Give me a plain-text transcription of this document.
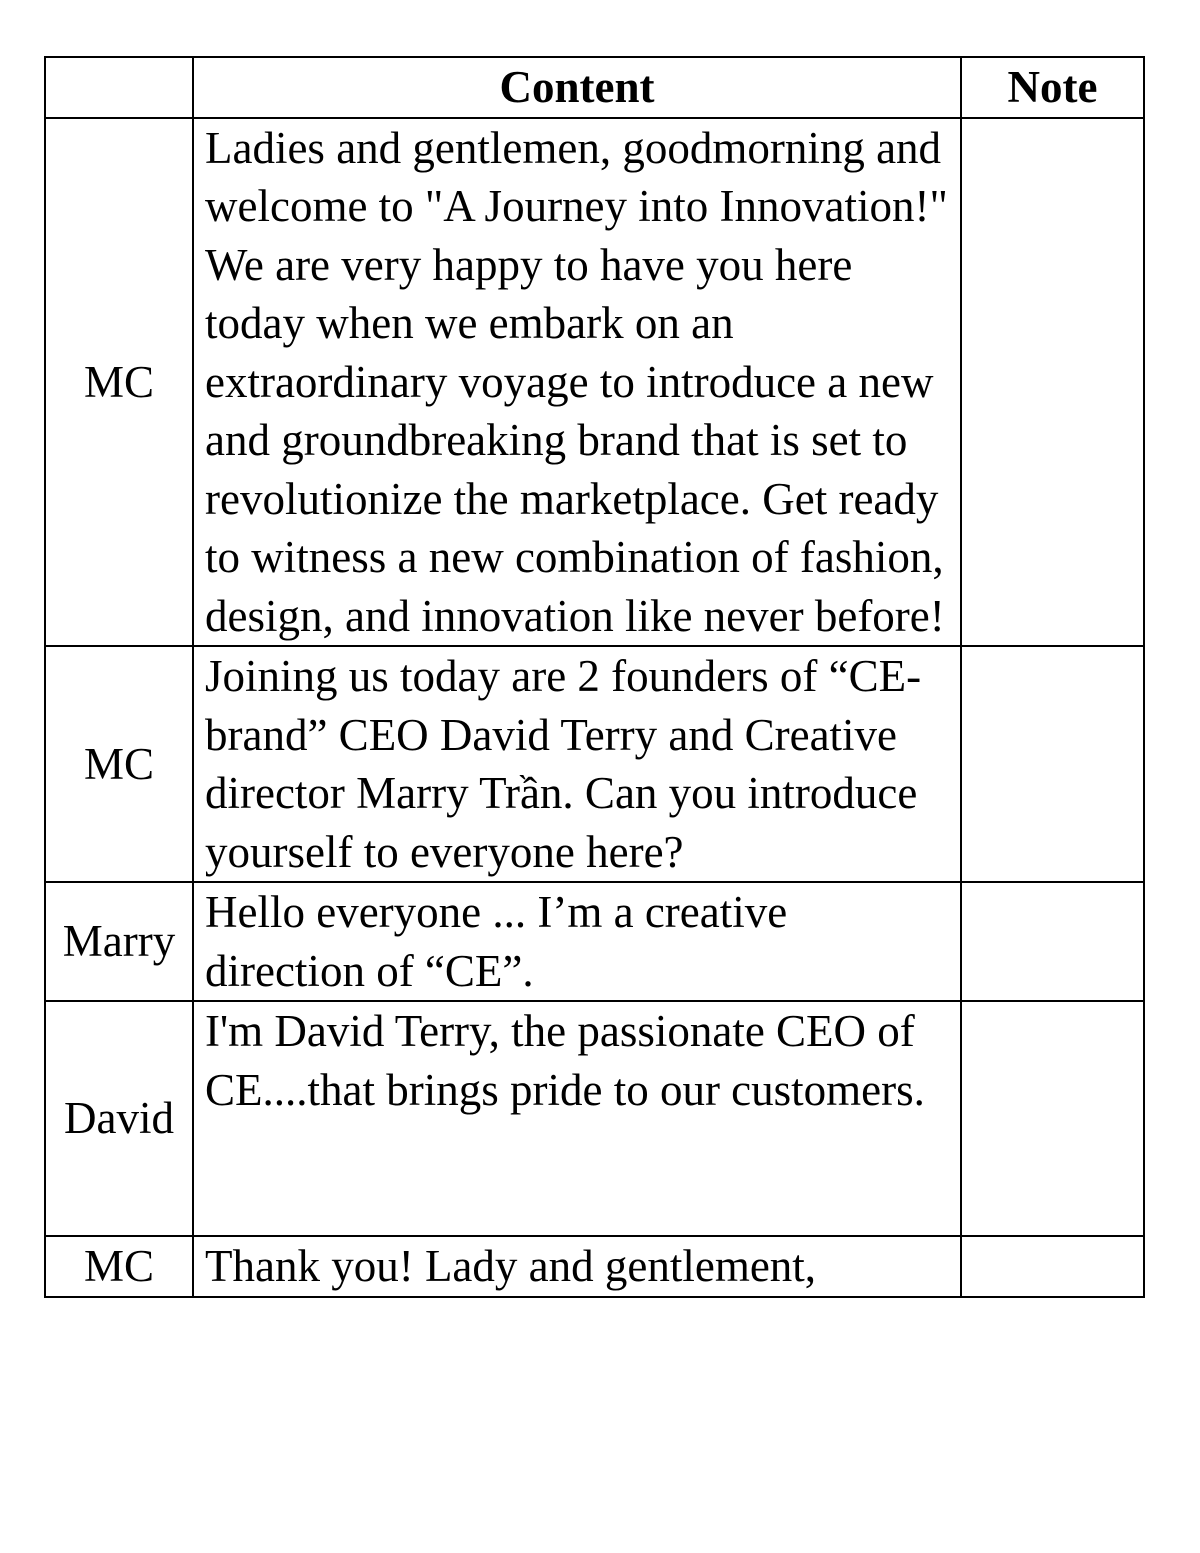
	Content	Note
MC	Ladies and gentlemen, goodmorning and welcome to "A Journey into Innovation!" We are very happy to have you here today when we embark on an extraordinary voyage to introduce a new and groundbreaking brand that is set to revolutionize the marketplace. Get ready to witness a new combination of fashion, design, and innovation like never before!	
MC	Joining us today are 2 founders of “CE-brand” CEO David Terry and Creative director Marry Trần. Can you introduce yourself to everyone here?	
Marry	Hello everyone ... I’m a creative direction of “CE”.	
David	I'm David Terry, the passionate CEO of CE....that brings pride to our customers.	
MC	Thank you! Lady and gentlement,	
